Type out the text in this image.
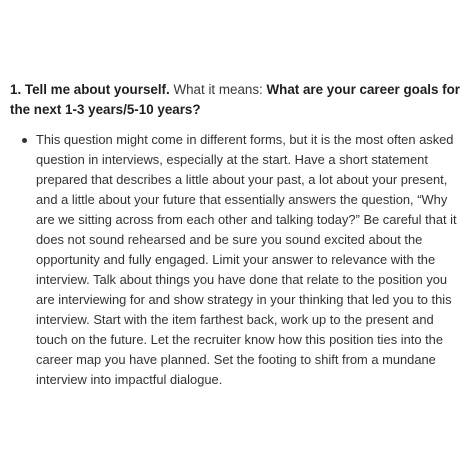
1. Tell me about yourself. What it means: What are your career goals for the next 1-3 years/5-10 years?
This question might come in different forms, but it is the most often asked question in interviews, especially at the start. Have a short statement prepared that describes a little about your past, a lot about your present, and a little about your future that essentially answers the question, “Why are we sitting across from each other and talking today?” Be careful that it does not sound rehearsed and be sure you sound excited about the opportunity and fully engaged. Limit your answer to relevance with the interview. Talk about things you have done that relate to the position you are interviewing for and show strategy in your thinking that led you to this interview. Start with the item farthest back, work up to the present and touch on the future. Let the recruiter know how this position ties into the career map you have planned. Set the footing to shift from a mundane interview into impactful dialogue.
